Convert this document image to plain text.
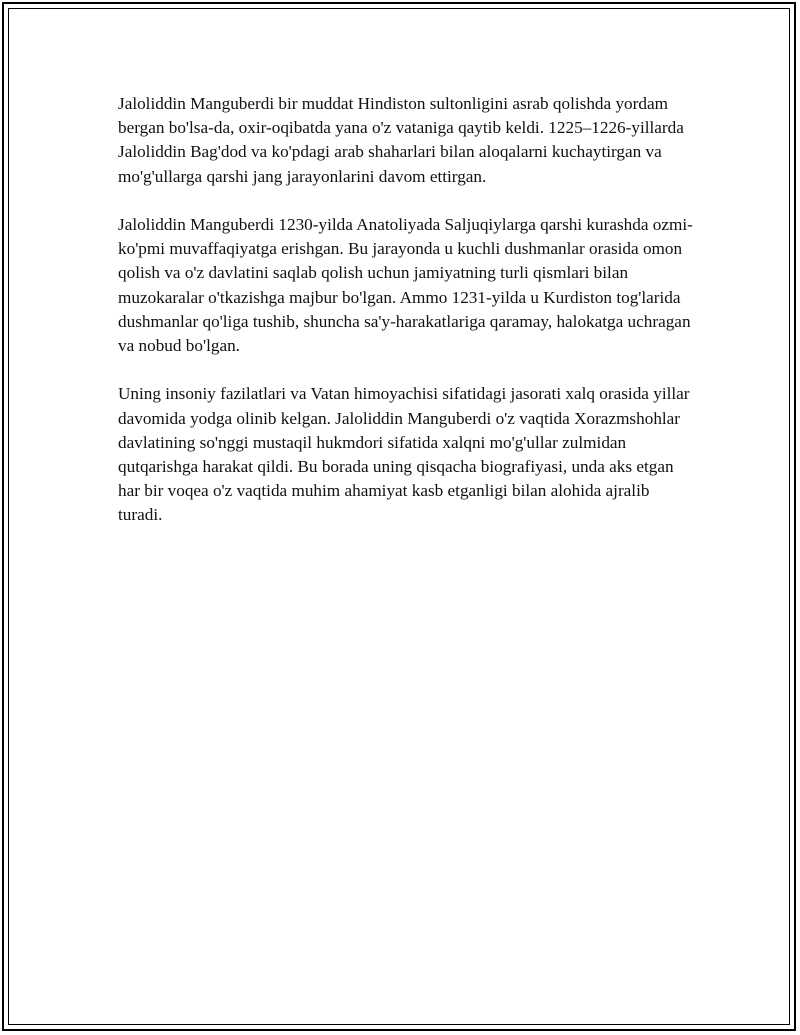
Jaloliddin Manguberdi bir muddat Hindiston sultonligini asrab qolishda yordam bergan bo'lsa-da, oxir-oqibatda yana o'z vataniga qaytib keldi. 1225–1226-yillarda Jaloliddin Bag'dod va ko'pdagi arab shaharlari bilan aloqalarni kuchaytirgan va mo'g'ullarga qarshi jang jarayonlarini davom ettirgan.

Jaloliddin Manguberdi 1230-yilda Anatoliyada Saljuqiylarga qarshi kurashda ozmi-ko'pmi muvaffaqiyatga erishgan. Bu jarayonda u kuchli dushmanlar orasida omon qolish va o'z davlatini saqlab qolish uchun jamiyatning turli qismlari bilan muzokaralar o'tkazishga majbur bo'lgan. Ammo 1231-yilda u Kurdiston tog'larida dushmanlar qo'liga tushib, shuncha sa'y-harakatlariga qaramay, halokatga uchragan va nobud bo'lgan.

Uning insoniy fazilatlari va Vatan himoyachisi sifatidagi jasorati xalq orasida yillar davomida yodga olinib kelgan. Jaloliddin Manguberdi o'z vaqtida Xorazmshohlar davlatining so'nggi mustaqil hukmdori sifatida xalqni mo'g'ullar zulmidan qutqarishga harakat qildi. Bu borada uning qisqacha biografiyasi, unda aks etgan har bir voqea o'z vaqtida muhim ahamiyat kasb etganligi bilan alohida ajralib turadi.
